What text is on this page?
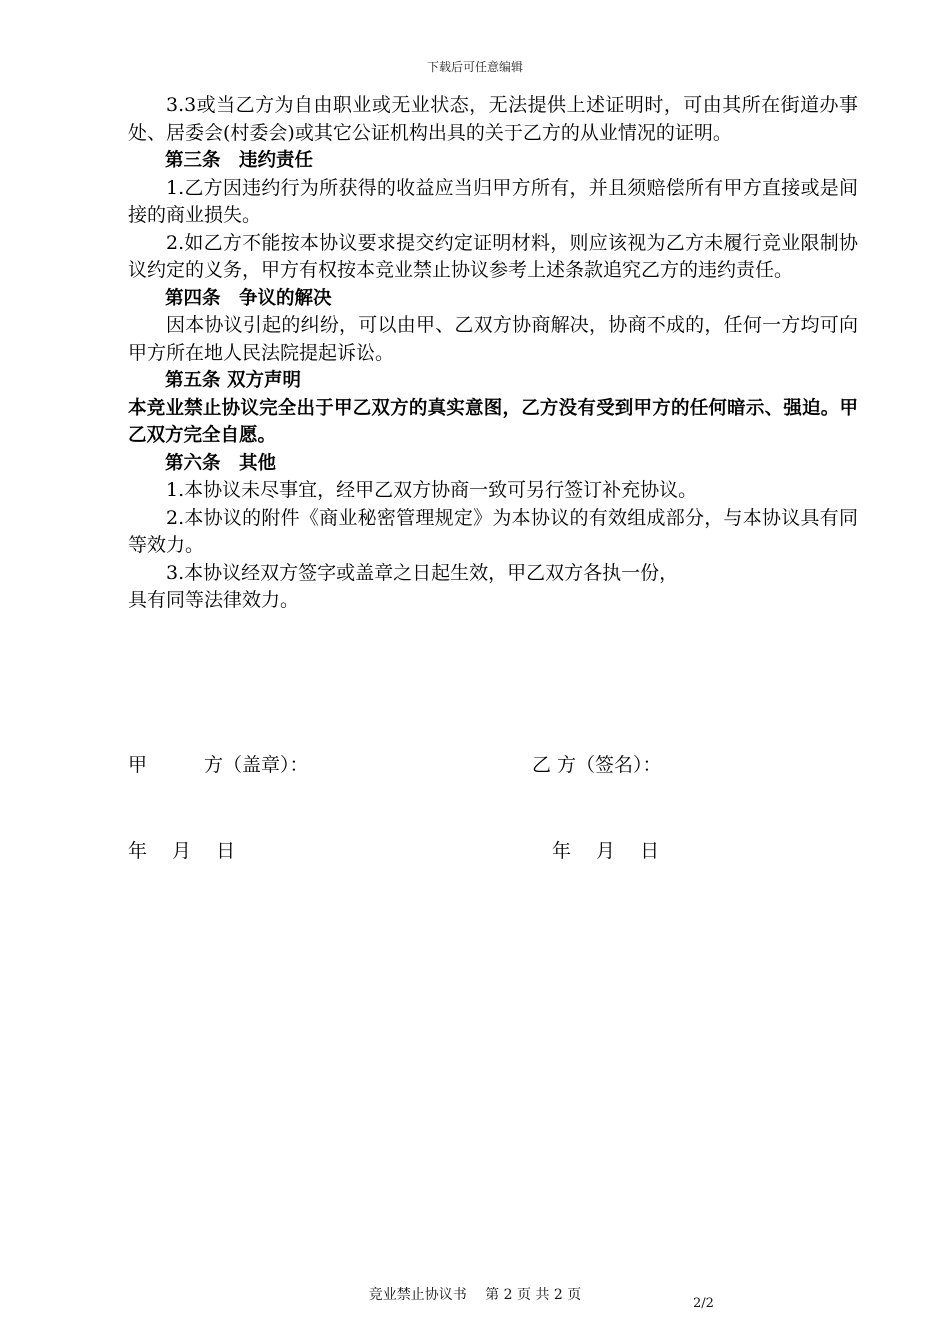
下载后可任意编辑

3.3或当乙方为自由职业或无业状态，无法提供上述证明时，可由其所在街道办事处、居委会(村委会)或其它公证机构出具的关于乙方的从业情况的证明。

第三条　违约责任

1.乙方因违约行为所获得的收益应当归甲方所有，并且须赔偿所有甲方直接或是间接的商业损失。

2.如乙方不能按本协议要求提交约定证明材料，则应该视为乙方未履行竞业限制协议约定的义务，甲方有权按本竞业禁止协议参考上述条款追究乙方的违约责任。

第四条　争议的解决

因本协议引起的纠纷，可以由甲、乙双方协商解决，协商不成的，任何一方均可向甲方所在地人民法院提起诉讼。

第五条 双方声明

本竞业禁止协议完全出于甲乙双方的真实意图，乙方没有受到甲方的任何暗示、强迫。甲乙双方完全自愿。

第六条　其他

1.本协议未尽事宜，经甲乙双方协商一致可另行签订补充协议。

2.本协议的附件《商业秘密管理规定》为本协议的有效组成部分，与本协议具有同等效力。

3.本协议经双方签字或盖章之日起生效，甲乙双方各执一份，

具有同等法律效力。

甲　　　方（盖章）：	乙 方（签名）：
年　 月　 日	年　 月　 日
竞业禁止协议书　 第 2 页 共 2 页
2/2
